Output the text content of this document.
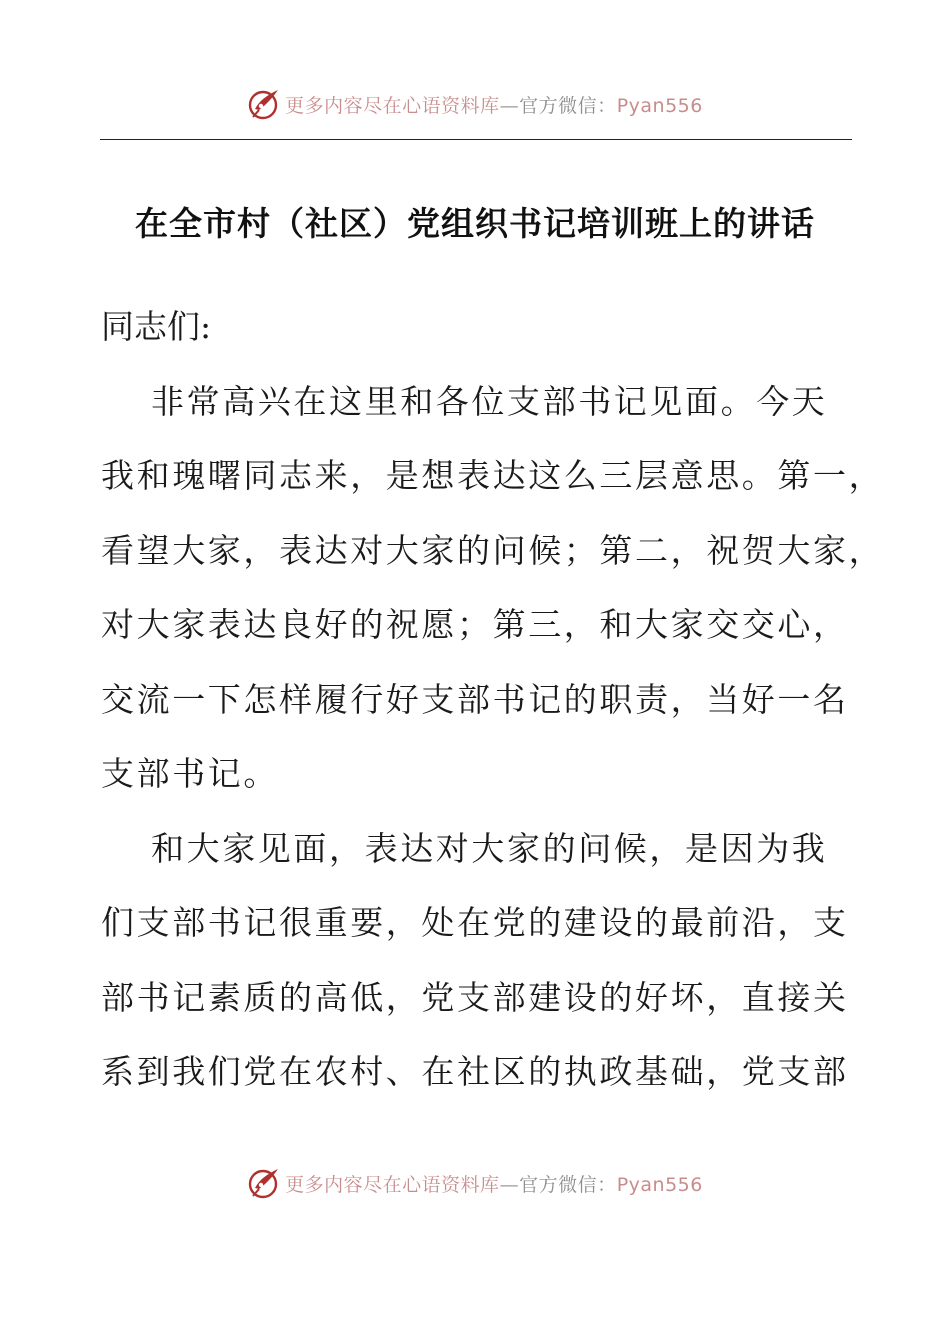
更多内容尽在心语资料库—官方微信：Pyan556
在全市村（社区）党组织书记培训班上的讲话

同志们:

非常高兴在这里和各位支部书记见面。今天

我和瑰曙同志来，是想表达这么三层意思。第一，

看望大家，表达对大家的问候；第二，祝贺大家，

对大家表达良好的祝愿；第三，和大家交交心，

交流一下怎样履行好支部书记的职责，当好一名

支部书记。

和大家见面，表达对大家的问候，是因为我

们支部书记很重要，处在党的建设的最前沿，支

部书记素质的高低，党支部建设的好坏，直接关

系到我们党在农村、在社区的执政基础，党支部

更多内容尽在心语资料库—官方微信：Pyan556
